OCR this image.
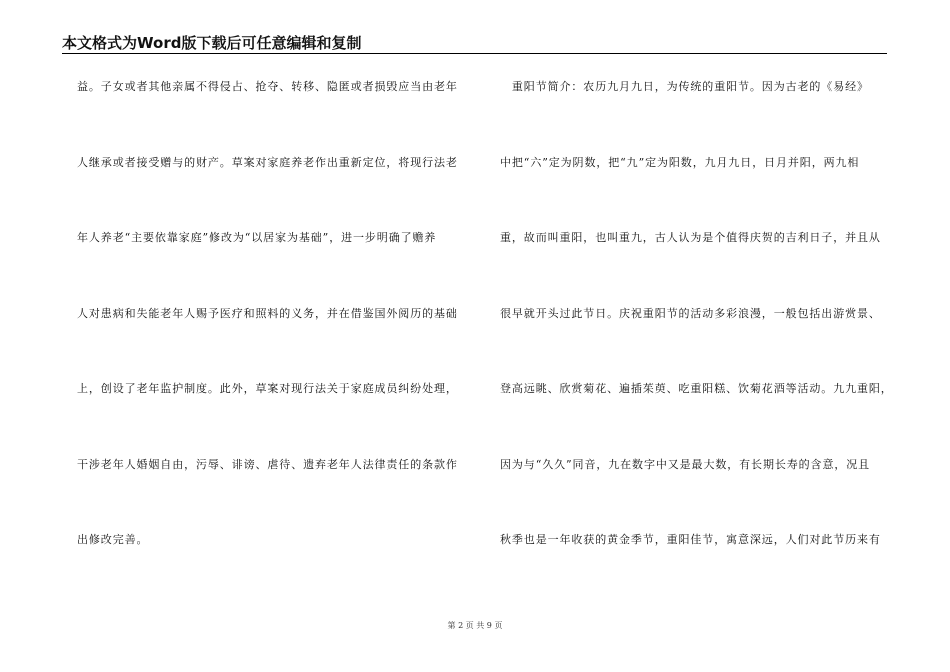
本文格式为Word版下载后可任意编辑和复制
益。子女或者其他亲属不得侵占、抢夺、转移、隐匿或者损毁应当由老年
人继承或者接受赠与的财产。草案对家庭养老作出重新定位，将现行法老
年人养老“主要依靠家庭”修改为“以居家为基础”，进一步明确了赡养
人对患病和失能老年人赐予医疗和照料的义务，并在借鉴国外阅历的基础
上，创设了老年监护制度。此外，草案对现行法关于家庭成员纠纷处理，
干涉老年人婚姻自由，污辱、诽谤、虐待、遗弃老年人法律责任的条款作
出修改完善。
　重阳节简介：农历九月九日，为传统的重阳节。因为古老的《易经》
中把“六”定为阴数，把“九”定为阳数，九月九日，日月并阳，两九相
重，故而叫重阳，也叫重九，古人认为是个值得庆贺的吉利日子，并且从
很早就开头过此节日。庆祝重阳节的活动多彩浪漫，一般包括出游赏景、
登高远眺、欣赏菊花、遍插茱萸、吃重阳糕、饮菊花酒等活动。九九重阳，
因为与“久久”同音，九在数字中又是最大数，有长期长寿的含意，况且
秋季也是一年收获的黄金季节，重阳佳节，寓意深远，人们对此节历来有
第 2 页 共 9 页
